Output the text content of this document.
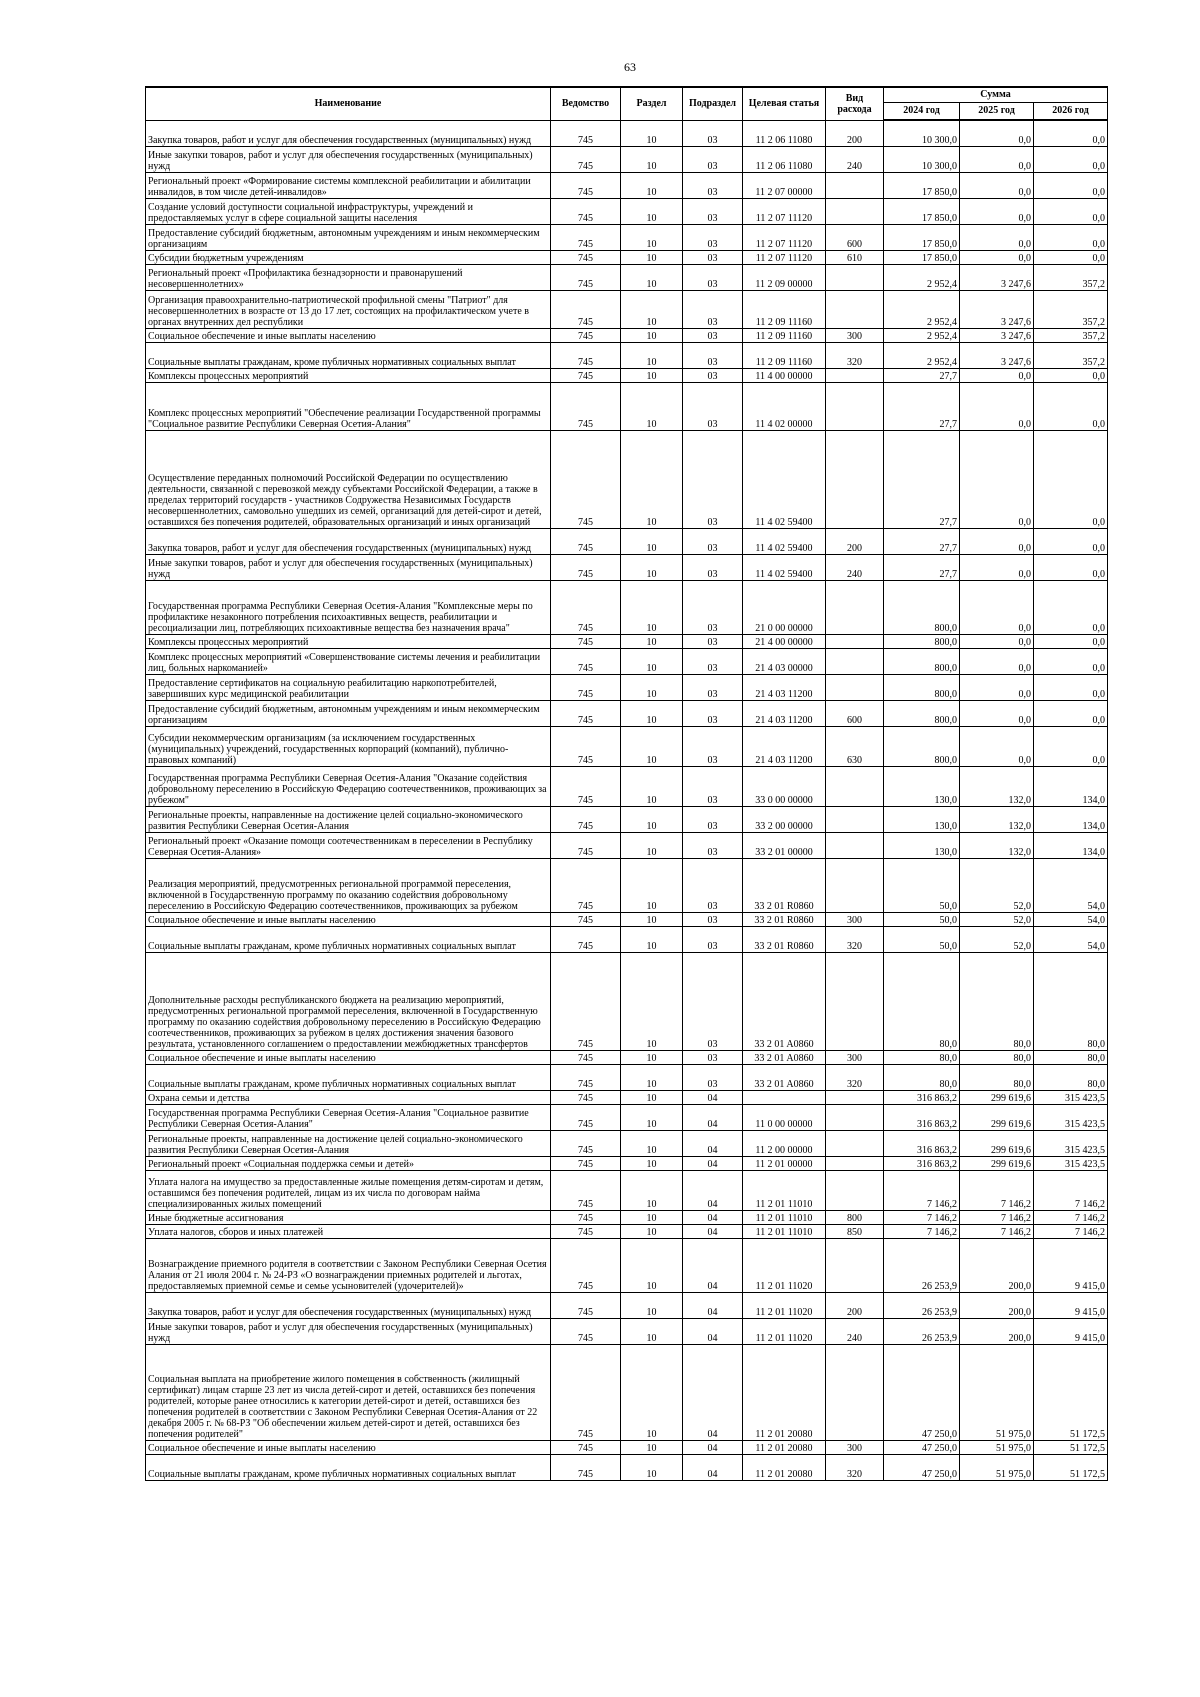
63
Наименование	Ведомство	Раздел	Подраздел	Целевая статья	Вид расхода	Сумма		
						2024 год	2025 год	2026 год
Закупка товаров, работ и услуг для обеспечения государственных (муниципальных) нужд	745	10	03	11 2 06 11080	200	10 300,0	0,0	0,0
Иные закупки товаров, работ и услуг для обеспечения государственных (муниципальных) нужд	745	10	03	11 2 06 11080	240	10 300,0	0,0	0,0
Региональный проект «Формирование системы комплексной реабилитации и абилитации инвалидов, в том числе детей-инвалидов»	745	10	03	11 2 07 00000		17 850,0	0,0	0,0
Создание условий доступности социальной инфраструктуры, учреждений и предоставляемых услуг в сфере социальной защиты населения	745	10	03	11 2 07 11120		17 850,0	0,0	0,0
Предоставление субсидий бюджетным, автономным учреждениям и иным некоммерческим организациям	745	10	03	11 2 07 11120	600	17 850,0	0,0	0,0
Субсидии бюджетным учреждениям	745	10	03	11 2 07 11120	610	17 850,0	0,0	0,0
Региональный проект «Профилактика безнадзорности и правонарушений несовершеннолетних»	745	10	03	11 2 09 00000		2 952,4	3 247,6	357,2
Организация правоохранительно-патриотической профильной смены "Патриот" для несовершеннолетних в возрасте от 13 до 17 лет, состоящих на профилактическом учете в органах внутренних дел республики	745	10	03	11 2 09 11160		2 952,4	3 247,6	357,2
Социальное обеспечение и иные выплаты населению	745	10	03	11 2 09 11160	300	2 952,4	3 247,6	357,2
Социальные выплаты гражданам, кроме публичных нормативных социальных выплат	745	10	03	11 2 09 11160	320	2 952,4	3 247,6	357,2
Комплексы процессных мероприятий	745	10	03	11 4 00 00000		27,7	0,0	0,0
Комплекс процессных мероприятий "Обеспечение реализации Государственной программы "Социальное развитие Республики Северная Осетия-Алания"	745	10	03	11 4 02 00000		27,7	0,0	0,0
Осуществление переданных полномочий Российской Федерации по осуществлению деятельности, связанной с перевозкой между субъектами Российской Федерации, а также в пределах территорий государств - участников Содружества Независимых Государств несовершеннолетних, самовольно ушедших из семей, организаций для детей-сирот и детей, оставшихся без попечения родителей, образовательных организаций и иных организаций	745	10	03	11 4 02 59400		27,7	0,0	0,0
Закупка товаров, работ и услуг для обеспечения государственных (муниципальных) нужд	745	10	03	11 4 02 59400	200	27,7	0,0	0,0
Иные закупки товаров, работ и услуг для обеспечения государственных (муниципальных) нужд	745	10	03	11 4 02 59400	240	27,7	0,0	0,0
Государственная программа Республики Северная Осетия-Алания "Комплексные меры по профилактике незаконного потребления психоактивных веществ, реабилитации и ресоциализации лиц, потребляющих психоактивные вещества без назначения врача"	745	10	03	21 0 00 00000		800,0	0,0	0,0
Комплексы процессных мероприятий	745	10	03	21 4 00 00000		800,0	0,0	0,0
Комплекс процессных мероприятий «Совершенствование системы лечения и реабилитации лиц, больных наркоманией»	745	10	03	21 4 03 00000		800,0	0,0	0,0
Предоставление сертификатов на социальную реабилитацию наркопотребителей, завершивших курс медицинской реабилитации	745	10	03	21 4 03 11200		800,0	0,0	0,0
Предоставление субсидий бюджетным, автономным учреждениям и иным некоммерческим организациям	745	10	03	21 4 03 11200	600	800,0	0,0	0,0
Субсидии некоммерческим организациям (за исключением государственных (муниципальных) учреждений, государственных корпораций (компаний), публично-правовых компаний)	745	10	03	21 4 03 11200	630	800,0	0,0	0,0
Государственная программа Республики Северная Осетия-Алания "Оказание содействия добровольному переселению в Российскую Федерацию соотечественников, проживающих за рубежом"	745	10	03	33 0 00 00000		130,0	132,0	134,0
Региональные проекты, направленные на достижение целей социально-экономического развития Республики Северная Осетия-Алания	745	10	03	33 2 00 00000		130,0	132,0	134,0
Региональный проект «Оказание помощи соотечественникам в переселении в Республику Северная Осетия-Алания»	745	10	03	33 2 01 00000		130,0	132,0	134,0
Реализация мероприятий, предусмотренных региональной программой переселения, включенной в Государственную программу по оказанию содействия добровольному переселению в Российскую Федерацию соотечественников, проживающих за рубежом	745	10	03	33 2 01 R0860		50,0	52,0	54,0
Социальное обеспечение и иные выплаты населению	745	10	03	33 2 01 R0860	300	50,0	52,0	54,0
Социальные выплаты гражданам, кроме публичных нормативных социальных выплат	745	10	03	33 2 01 R0860	320	50,0	52,0	54,0
Дополнительные расходы республиканского бюджета на реализацию мероприятий, предусмотренных региональной программой переселения, включенной в Государственную программу по оказанию содействия добровольному переселению в Российскую Федерацию соотечественников, проживающих за рубежом в целях достижения значения базового результата, установленного соглашением о предоставлении межбюджетных трансфертов	745	10	03	33 2 01 A0860		80,0	80,0	80,0
Социальное обеспечение и иные выплаты населению	745	10	03	33 2 01 A0860	300	80,0	80,0	80,0
Социальные выплаты гражданам, кроме публичных нормативных социальных выплат	745	10	03	33 2 01 A0860	320	80,0	80,0	80,0
Охрана семьи и детства	745	10	04			316 863,2	299 619,6	315 423,5
Государственная программа Республики Северная Осетия-Алания "Социальное развитие Республики Северная Осетия-Алания"	745	10	04	11 0 00 00000		316 863,2	299 619,6	315 423,5
Региональные проекты, направленные на достижение целей социально-экономического развития Республики Северная Осетия-Алания	745	10	04	11 2 00 00000		316 863,2	299 619,6	315 423,5
Региональный проект «Социальная поддержка семьи и детей»	745	10	04	11 2 01 00000		316 863,2	299 619,6	315 423,5
Уплата налога на имущество за предоставленные жилые помещения детям-сиротам и детям, оставшимся без попечения родителей, лицам из их числа по договорам найма специализированных жилых помещений	745	10	04	11 2 01 11010		7 146,2	7 146,2	7 146,2
Иные бюджетные ассигнования	745	10	04	11 2 01 11010	800	7 146,2	7 146,2	7 146,2
Уплата налогов, сборов и иных платежей	745	10	04	11 2 01 11010	850	7 146,2	7 146,2	7 146,2
Вознаграждение приемного родителя в соответствии с Законом Республики Северная Осетия Алания от 21 июля 2004 г. № 24-РЗ «О вознаграждении приемных родителей и льготах, предоставляемых приемной семье и семье усыновителей (удочерителей)»	745	10	04	11 2 01 11020		26 253,9	200,0	9 415,0
Закупка товаров, работ и услуг для обеспечения государственных (муниципальных) нужд	745	10	04	11 2 01 11020	200	26 253,9	200,0	9 415,0
Иные закупки товаров, работ и услуг для обеспечения государственных (муниципальных) нужд	745	10	04	11 2 01 11020	240	26 253,9	200,0	9 415,0
Социальная выплата на приобретение жилого помещения в собственность (жилищный сертификат) лицам старше 23 лет из числа детей-сирот и детей, оставшихся без попечения родителей, которые ранее относились к категории детей-сирот и детей, оставшихся без попечения родителей в соответствии с Законом Республики Северная Осетия-Алания от 22 декабря 2005 г. № 68-РЗ "Об обеспечении жильем детей-сирот и детей, оставшихся без попечения родителей"	745	10	04	11 2 01 20080		47 250,0	51 975,0	51 172,5
Социальное обеспечение и иные выплаты населению	745	10	04	11 2 01 20080	300	47 250,0	51 975,0	51 172,5
Социальные выплаты гражданам, кроме публичных нормативных социальных выплат	745	10	04	11 2 01 20080	320	47 250,0	51 975,0	51 172,5
